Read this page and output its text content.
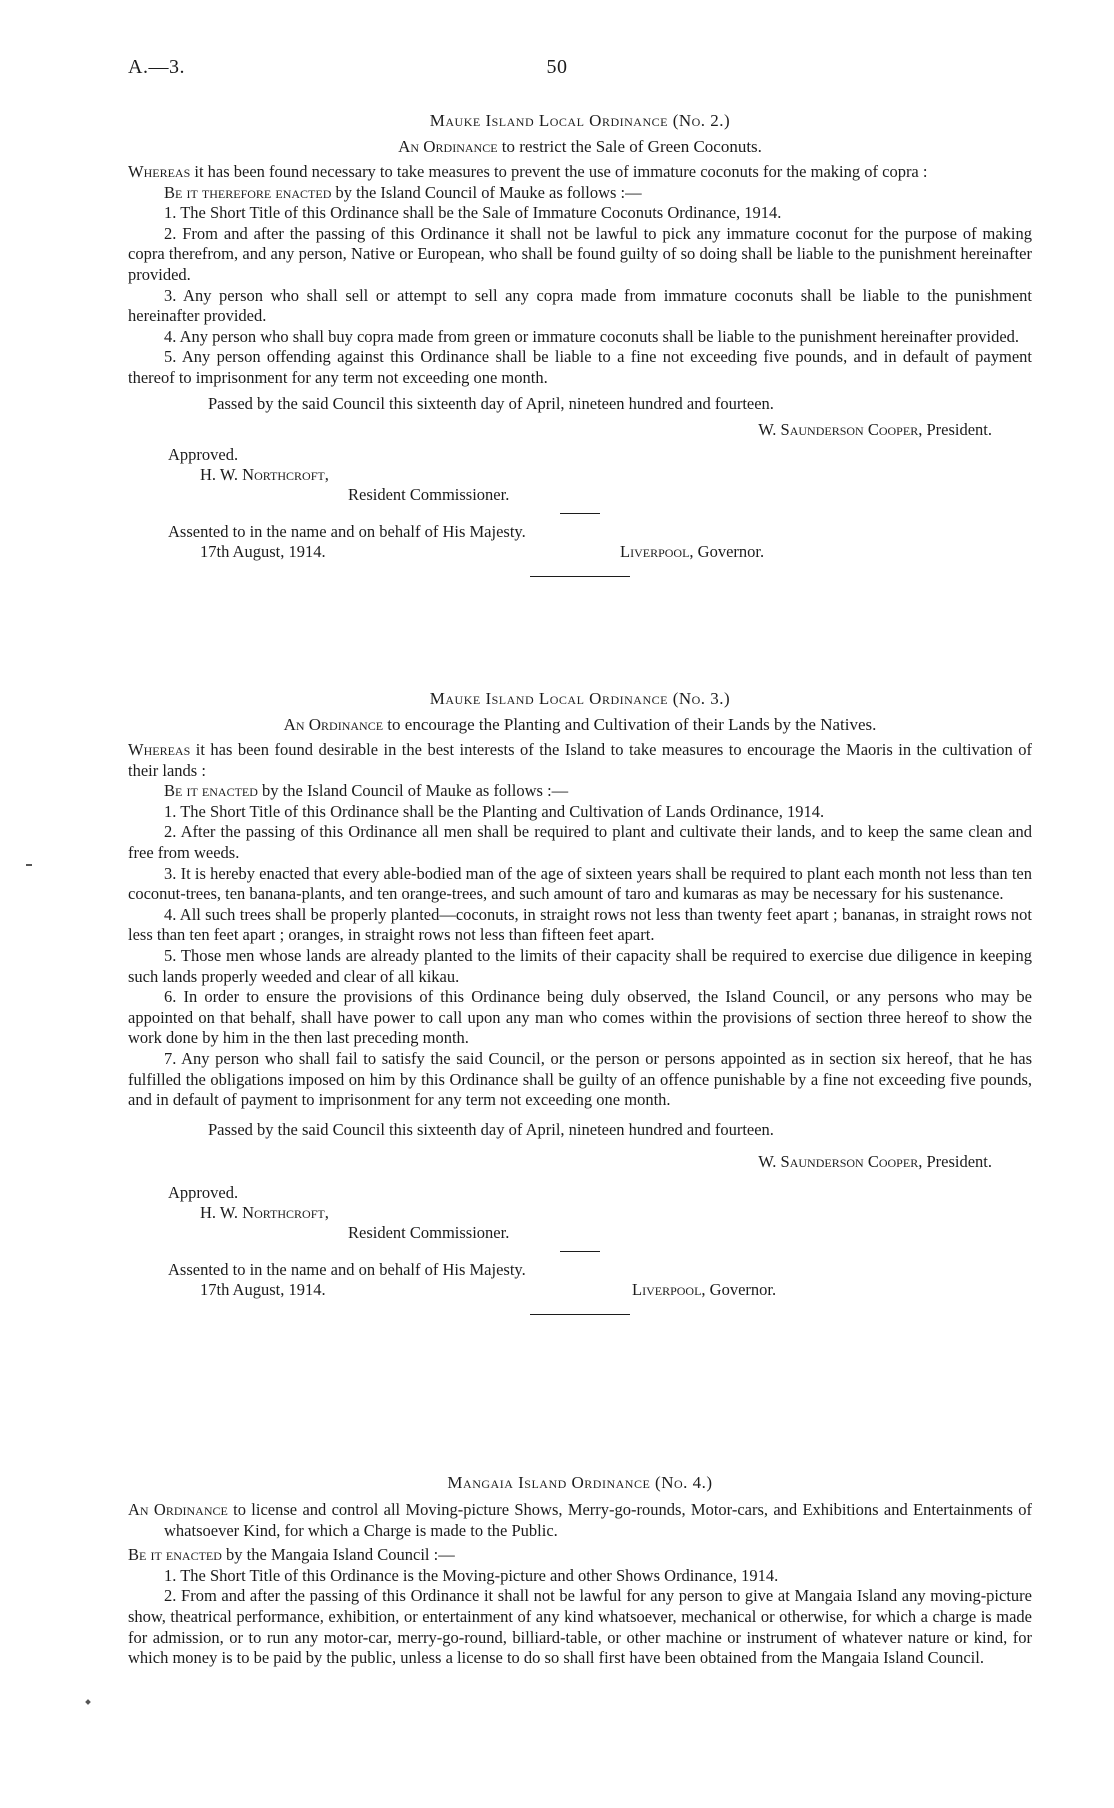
A.—3.	50

Mauke Island Local Ordinance (No. 2.)

An Ordinance to restrict the Sale of Green Coconuts.

Whereas it has been found necessary to take measures to prevent the use of immature coconuts for the making of copra :

Be it therefore enacted by the Island Council of Mauke as follows :—

1. The Short Title of this Ordinance shall be the Sale of Immature Coconuts Ordinance, 1914.

2. From and after the passing of this Ordinance it shall not be lawful to pick any immature coconut for the purpose of making copra therefrom, and any person, Native or European, who shall be found guilty of so doing shall be liable to the punishment hereinafter provided.

3. Any person who shall sell or attempt to sell any copra made from immature coconuts shall be liable to the punishment hereinafter provided.

4. Any person who shall buy copra made from green or immature coconuts shall be liable to the punishment hereinafter provided.

5. Any person offending against this Ordinance shall be liable to a fine not exceeding five pounds, and in default of payment thereof to imprisonment for any term not exceeding one month.

Passed by the said Council this sixteenth day of April, nineteen hundred and fourteen.

W. Saunderson Cooper, President.

Approved.

H. W. Northcroft,

Resident Commissioner.

Assented to in the name and on behalf of His Majesty.

17th August, 1914.	Liverpool, Governor.

Mauke Island Local Ordinance (No. 3.)

An Ordinance to encourage the Planting and Cultivation of their Lands by the Natives.

Whereas it has been found desirable in the best interests of the Island to take measures to encourage the Maoris in the cultivation of their lands :

Be it enacted by the Island Council of Mauke as follows :—

1. The Short Title of this Ordinance shall be the Planting and Cultivation of Lands Ordinance, 1914.

2. After the passing of this Ordinance all men shall be required to plant and cultivate their lands, and to keep the same clean and free from weeds.

3. It is hereby enacted that every able-bodied man of the age of sixteen years shall be required to plant each month not less than ten coconut-trees, ten banana-plants, and ten orange-trees, and such amount of taro and kumaras as may be necessary for his sustenance.

4. All such trees shall be properly planted—coconuts, in straight rows not less than twenty feet apart ; bananas, in straight rows not less than ten feet apart ; oranges, in straight rows not less than fifteen feet apart.

5. Those men whose lands are already planted to the limits of their capacity shall be required to exercise due diligence in keeping such lands properly weeded and clear of all kikau.

6. In order to ensure the provisions of this Ordinance being duly observed, the Island Council, or any persons who may be appointed on that behalf, shall have power to call upon any man who comes within the provisions of section three hereof to show the work done by him in the then last preceding month.

7. Any person who shall fail to satisfy the said Council, or the person or persons appointed as in section six hereof, that he has fulfilled the obligations imposed on him by this Ordinance shall be guilty of an offence punishable by a fine not exceeding five pounds, and in default of payment to imprisonment for any term not exceeding one month.

Passed by the said Council this sixteenth day of April, nineteen hundred and fourteen.

W. Saunderson Cooper, President.

Approved.

H. W. Northcroft,

Resident Commissioner.

Assented to in the name and on behalf of His Majesty.

17th August, 1914.	Liverpool, Governor.

Mangaia Island Ordinance (No. 4.)

An Ordinance to license and control all Moving-picture Shows, Merry-go-rounds, Motor-cars, and Exhibitions and Entertainments of whatsoever Kind, for which a Charge is made to the Public.

Be it enacted by the Mangaia Island Council :—

1. The Short Title of this Ordinance is the Moving-picture and other Shows Ordinance, 1914.

2. From and after the passing of this Ordinance it shall not be lawful for any person to give at Mangaia Island any moving-picture show, theatrical performance, exhibition, or entertainment of any kind whatsoever, mechanical or otherwise, for which a charge is made for admission, or to run any motor-car, merry-go-round, billiard-table, or other machine or instrument of whatever nature or kind, for which money is to be paid by the public, unless a license to do so shall first have been obtained from the Mangaia Island Council.
